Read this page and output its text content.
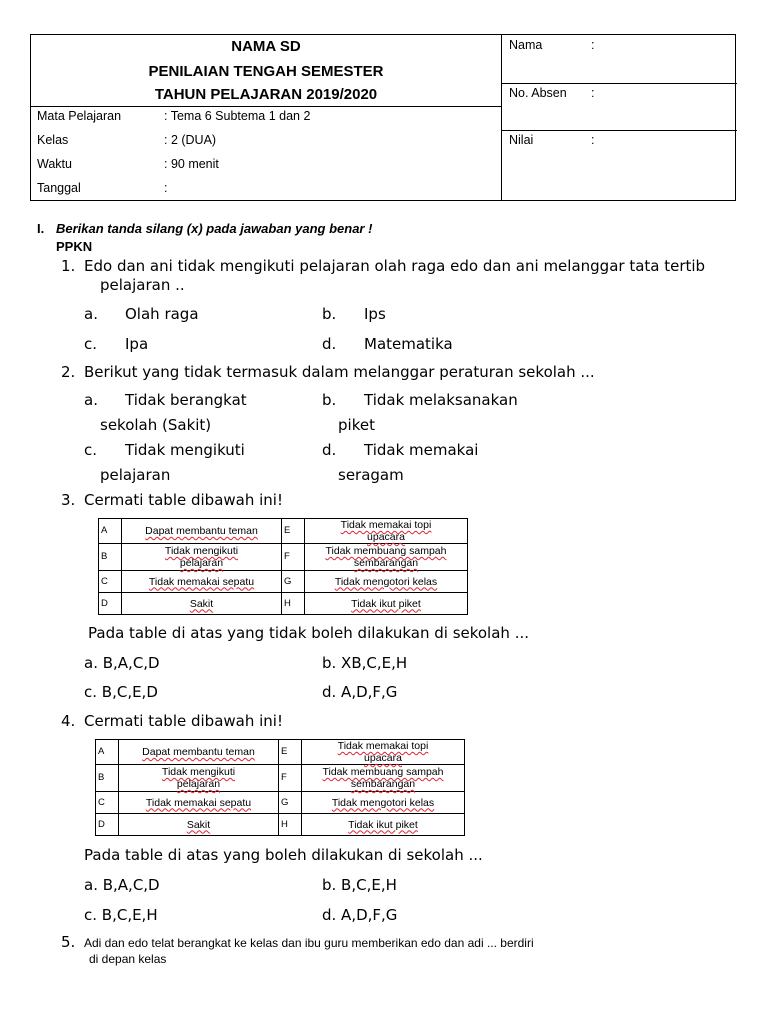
NAMA SD
PENILAIAN TENGAH SEMESTER
TAHUN PELAJARAN 2019/2020
Mata Pelajaran	: Tema 6 Subtema 1 dan 2
Kelas	: 2 (DUA)
Waktu	: 90 menit
Tanggal	:
Nama	:
No. Absen :
Nilai	:
I. Berikan tanda silang (x) pada jawaban yang benar !
PPKN
1. Edo dan ani tidak mengikuti pelajaran olah raga edo dan ani melanggar tata tertib
pelajaran ..
a. Olah raga	b. Ips
c. Ipa	d. Matematika
2. Berikut yang tidak termasuk dalam melanggar peraturan sekolah ...
a. Tidak berangkat
sekolah (Sakit)
b. Tidak melaksanakan
piket
c. Tidak mengikuti
pelajaran
d. Tidak memakai
seragam
3. Cermati table dibawah ini!
A	Dapat membantu teman	E	Tidak memakai topi
upacara
B	Tidak mengikuti
pelajaran	F	Tidak membuang sampah
sembarangan
C	Tidak memakai sepatu	G	Tidak mengotori kelas
D	Sakit	H	Tidak ikut piket
Pada table di atas yang tidak boleh dilakukan di sekolah ...
a. B,A,C,D	b. XB,C,E,H
c. B,C,E,D	d. A,D,F,G
4. Cermati table dibawah ini!
A	Dapat membantu teman	E	Tidak memakai topi
upacara
B	Tidak mengikuti
pelajaran	F	Tidak membuang sampah
sembarangan
C	Tidak memakai sepatu	G	Tidak mengotori kelas
D	Sakit	H	Tidak ikut piket
Pada table di atas yang boleh dilakukan di sekolah ...
a. B,A,C,D	b. B,C,E,H
c. B,C,E,H	d. A,D,F,G
5. Adi dan edo telat berangkat ke kelas dan ibu guru memberikan edo dan adi ... berdiri
di depan kelas
